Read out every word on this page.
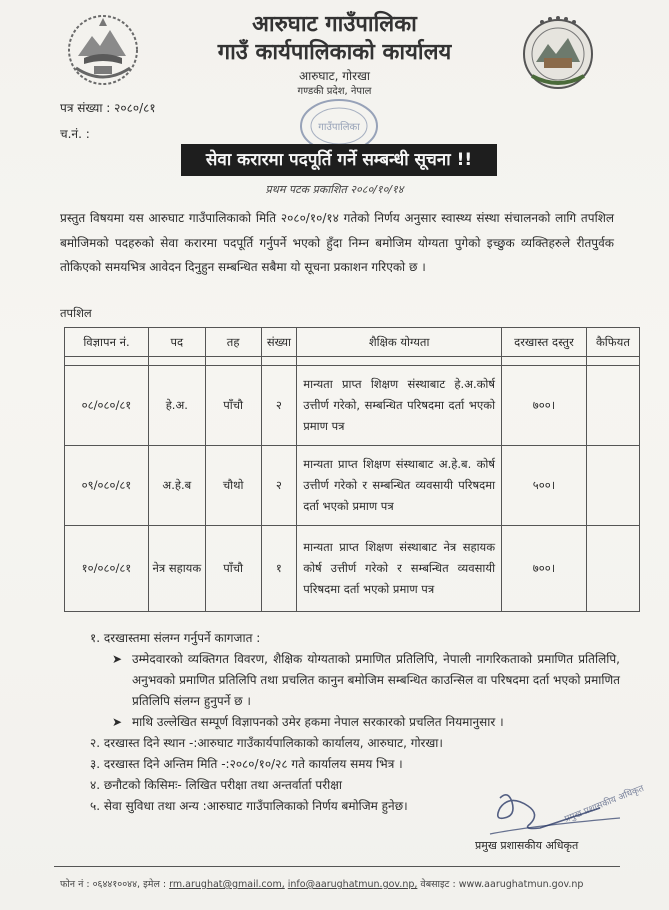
आरुघाट गाउँपालिका
गाउँ कार्यपालिकाको कार्यालय
आरुघाट, गोरखा
गण्डकी प्रदेश, नेपाल
पत्र संख्या : २०८०/८१
च.नं. :	गाउँपालिका
सेवा करारमा पदपूर्ति गर्ने सम्बन्धी सूचना !!
प्रथम पटक प्रकाशित २०८०/१०/१४
प्रस्तुत विषयमा यस आरुघाट गाउँपालिकाको मिति २०८०/१०/१४ गतेको निर्णय अनुसार स्वास्थ्य संस्था संचालनको लागि तपशिल बमोजिमको पदहरुको सेवा करारमा पदपूर्ति गर्नुपर्ने भएको हुँदा निम्न बमोजिम योग्यता पुगेको इच्छुक व्यक्तिहरुले रीतपुर्वक तोकिएको समयभित्र आवेदन दिनुहुन सम्बन्धित सबैमा यो सूचना प्रकाशन गरिएको छ ।
तपशिल
विज्ञापन नं.	पद	तह	संख्या	शैक्षिक योग्यता	दरखास्त दस्तुर	कैफियत

०८/०८०/८१	हे.अ.	पाँचौ	२	मान्यता प्राप्त शिक्षण संस्थाबाट हे.अ.कोर्ष उत्तीर्ण गरेको, सम्बन्धित परिषदमा दर्ता भएको प्रमाण पत्र	७००।	
०९/०८०/८१	अ.हे.ब	चौथो	२	मान्यता प्राप्त शिक्षण संस्थाबाट अ.हे.ब. कोर्ष उत्तीर्ण गरेको र सम्बन्धित व्यवसायी परिषदमा दर्ता भएको प्रमाण पत्र	५००।	
१०/०८०/८१	नेत्र सहायक	पाँचौ	१	मान्यता प्राप्त शिक्षण संस्थाबाट नेत्र सहायक कोर्ष उत्तीर्ण गरेको र सम्बन्धित व्यवसायी परिषदमा दर्ता भएको प्रमाण पत्र	७००।	

१. दरखास्तमा संलग्न गर्नुपर्ने कागजात :

➤ उम्मेदवारको व्यक्तिगत विवरण, शैक्षिक योग्यताको प्रमाणित प्रतिलिपि, नेपाली नागरिकताको प्रमाणित प्रतिलिपि, अनुभवको प्रमाणित प्रतिलिपि तथा प्रचलित कानुन बमोजिम सम्बन्धित काउन्सिल वा परिषदमा दर्ता भएको प्रमाणित प्रतिलिपि संलग्न हुनुपर्ने छ ।

➤ माथि उल्लेखित सम्पूर्ण विज्ञापनको उमेर हकमा नेपाल सरकारको प्रचलित नियमानुसार ।

२. दरखास्त दिने स्थान -:आरुघाट गाउँकार्यपालिकाको कार्यालय, आरुघाट, गोरखा।

३. दरखास्त दिने अन्तिम मिति -:२०८०/१०/२८ गते कार्यालय समय भित्र ।

४. छनौटको किसिमः- लिखित परीक्षा तथा अन्तर्वार्ता परीक्षा

५. सेवा सुविधा तथा अन्य :आरुघाट गाउँपालिकाको निर्णय बमोजिम हुनेछ।	प्रमुख प्रशासकीय अधिकृत
प्रमुख प्रशासकीय अधिकृत
फोन नं : ०६४४१००४४, इमेल : rm.arughat@gmail.com, info@aarughatmun.gov.np, वेबसाइट : www.aarughatmun.gov.np
